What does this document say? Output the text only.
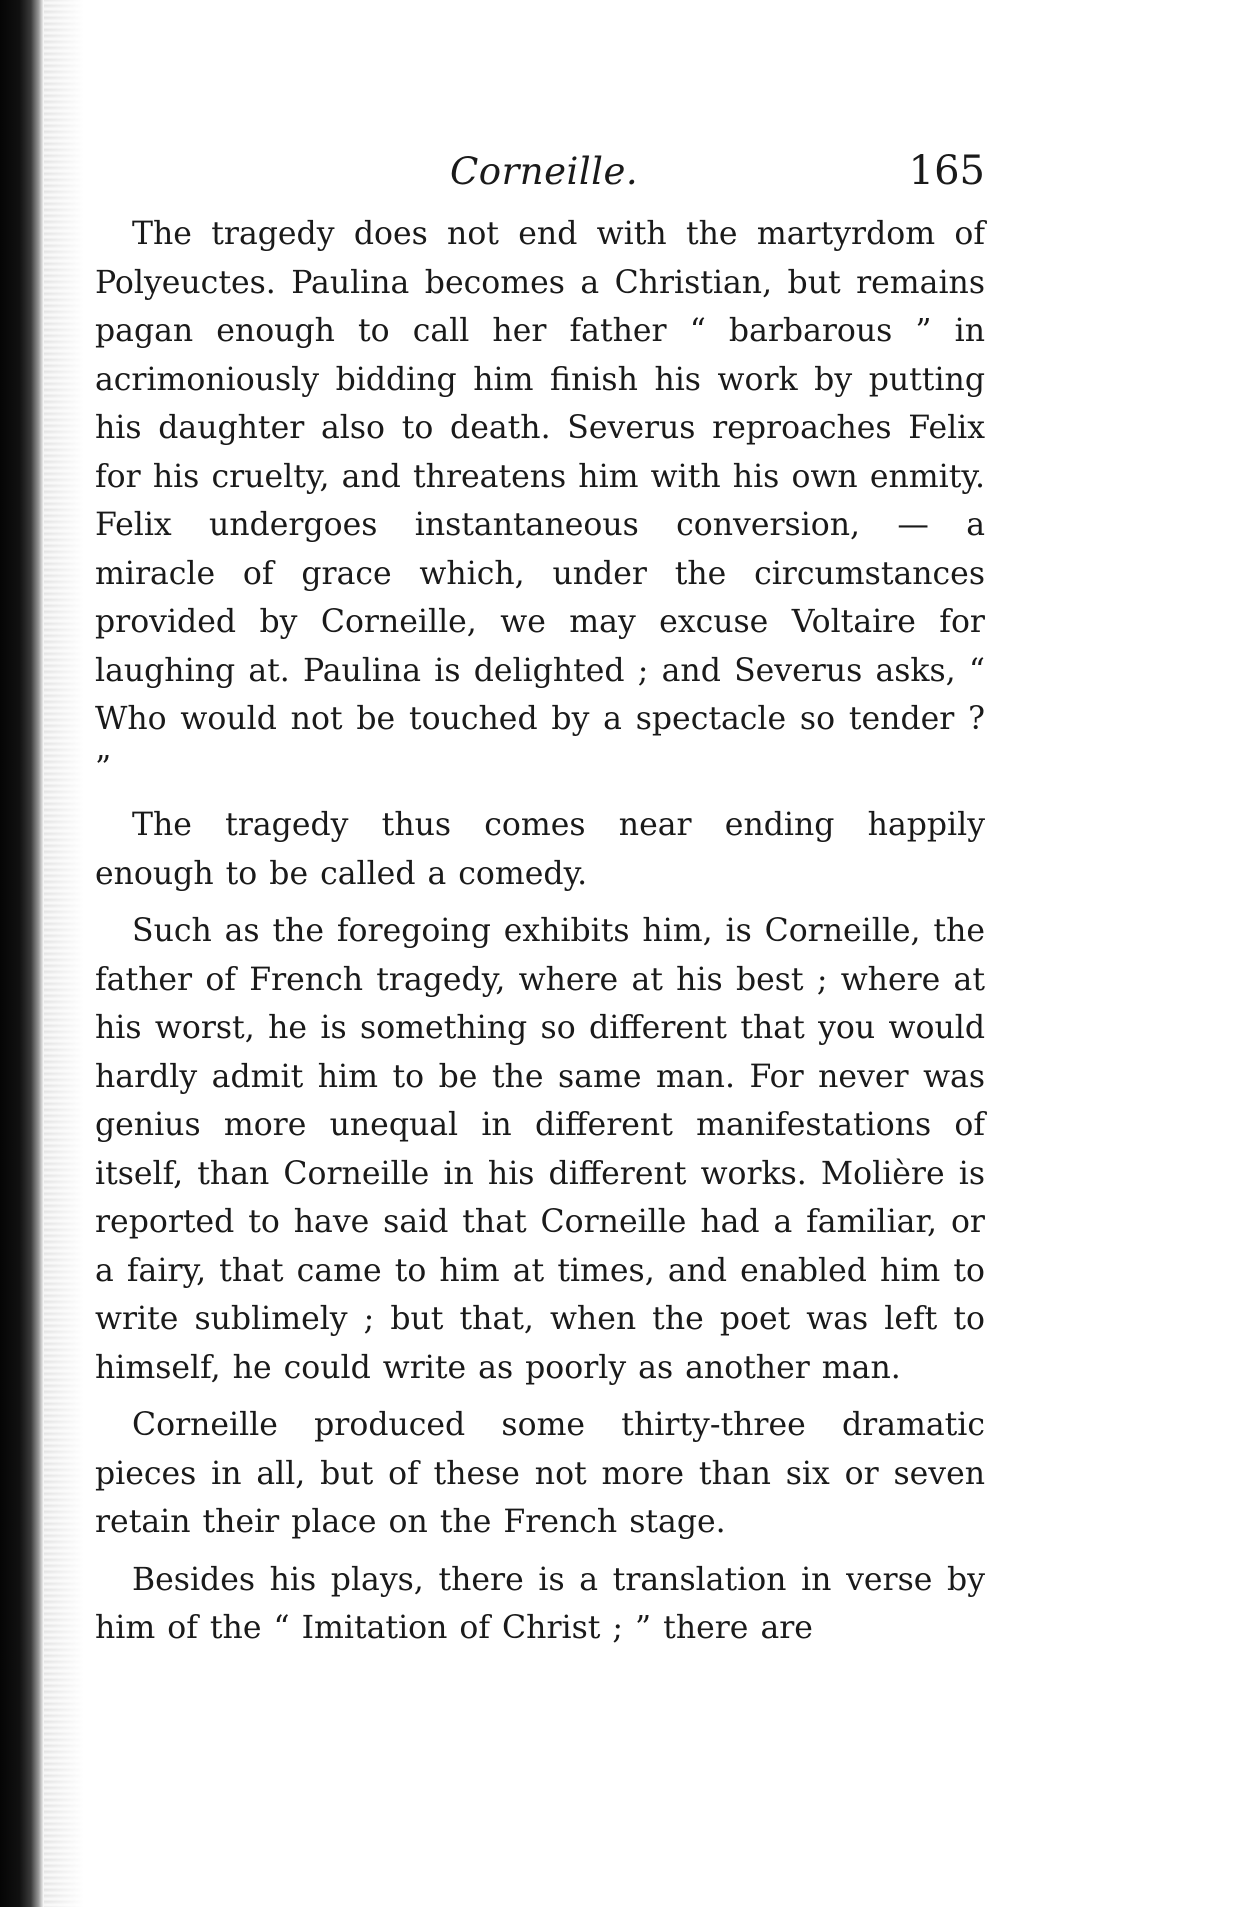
Corneille.	165

The tragedy does not end with the martyrdom of Polyeuctes. Paulina becomes a Christian, but remains pagan enough to call her father “ barbarous ” in acrimoniously bidding him finish his work by putting his daughter also to death. Severus reproaches Felix for his cruelty, and threatens him with his own enmity. Felix undergoes instantaneous conversion, — a miracle of grace which, under the circumstances provided by Corneille, we may excuse Voltaire for laughing at. Paulina is delighted ; and Severus asks, “ Who would not be touched by a spectacle so tender ? ”

The tragedy thus comes near ending happily enough to be called a comedy.

Such as the foregoing exhibits him, is Corneille, the father of French tragedy, where at his best ; where at his worst, he is something so different that you would hardly admit him to be the same man. For never was genius more unequal in different manifestations of itself, than Corneille in his different works. Molière is reported to have said that Corneille had a familiar, or a fairy, that came to him at times, and enabled him to write sublimely ; but that, when the poet was left to himself, he could write as poorly as another man.

Corneille produced some thirty-three dramatic pieces in all, but of these not more than six or seven retain their place on the French stage.

Besides his plays, there is a translation in verse by him of the “ Imitation of Christ ; ” there are
